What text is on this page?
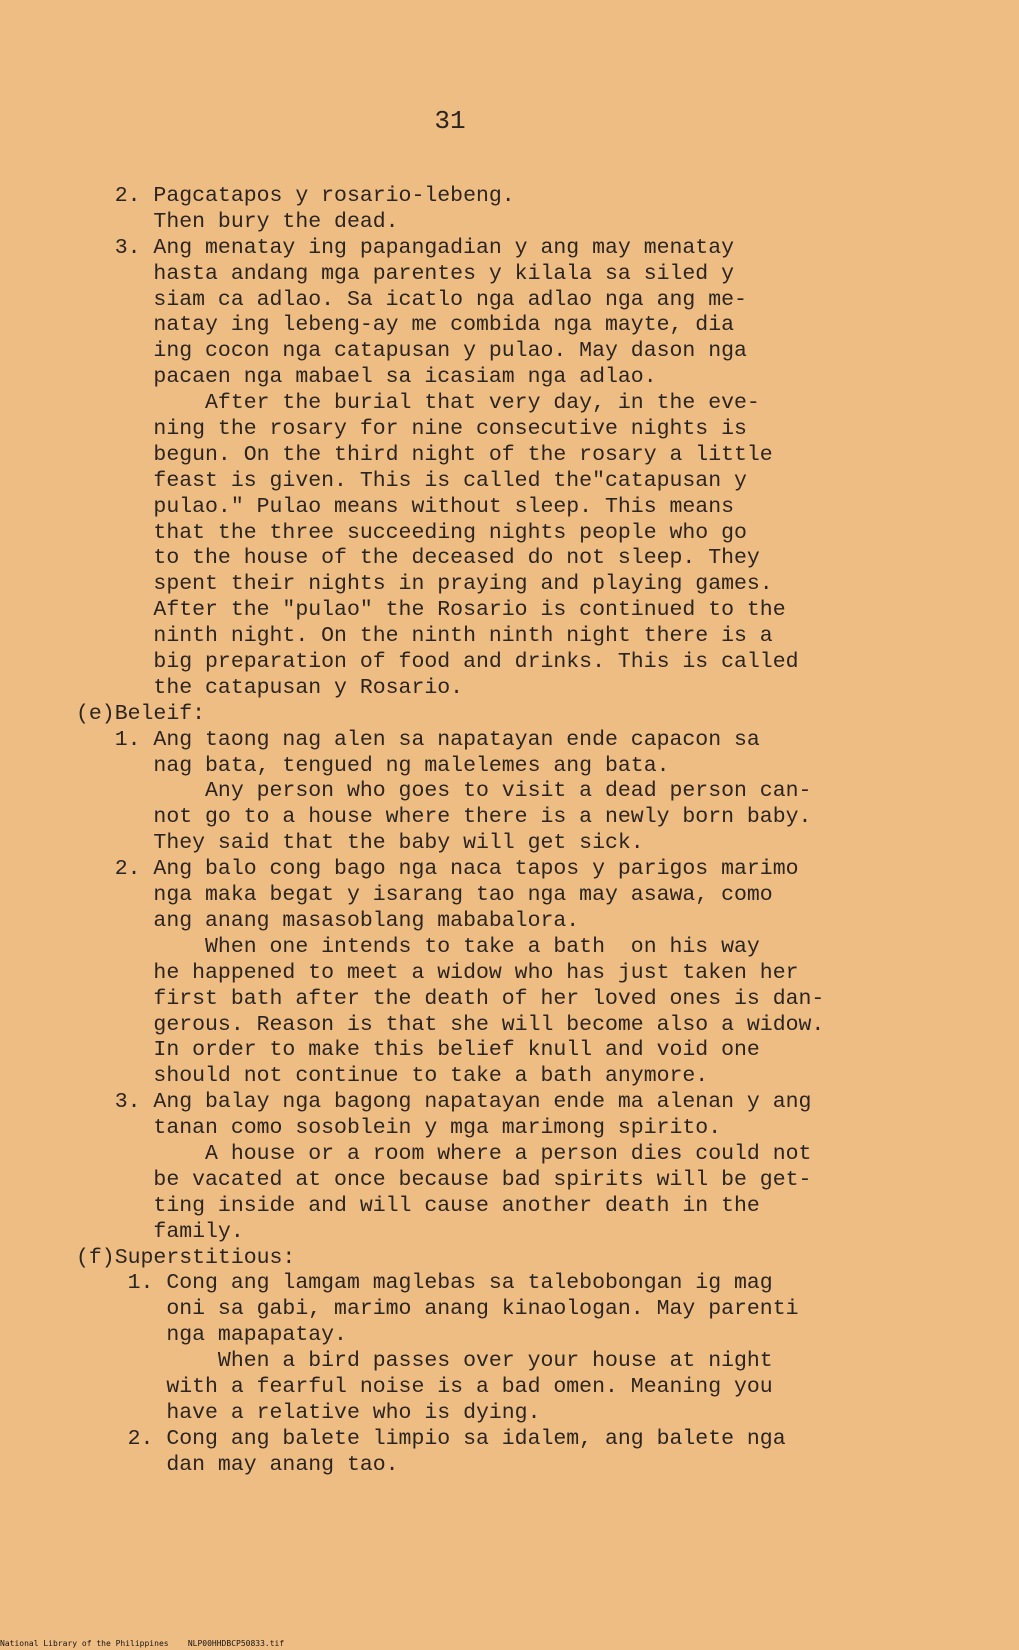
31
2. Pagcatapos y rosario-lebeng.
Then bury the dead.
3. Ang menatay ing papangadian y ang may menatay
hasta andang mga parentes y kilala sa siled y
siam ca adlao. Sa icatlo nga adlao nga ang me-
natay ing lebeng-ay me combida nga mayte, dia
ing cocon nga catapusan y pulao. May dason nga
pacaen nga mabael sa icasiam nga adlao.
After the burial that very day, in the eve-
ning the rosary for nine consecutive nights is
begun. On the third night of the rosary a little
feast is given. This is called the"catapusan y
pulao." Pulao means without sleep. This means
that the three succeeding nights people who go
to the house of the deceased do not sleep. They
spent their nights in praying and playing games.
After the "pulao" the Rosario is continued to the
ninth night. On the ninth ninth night there is a
big preparation of food and drinks. This is called
the catapusan y Rosario.
(e)Beleif:
1. Ang taong nag alen sa napatayan ende capacon sa
nag bata, tengued ng malelemes ang bata.
Any person who goes to visit a dead person can-
not go to a house where there is a newly born baby.
They said that the baby will get sick.
2. Ang balo cong bago nga naca tapos y parigos marimo
nga maka begat y isarang tao nga may asawa, como
ang anang masasoblang mababalora.
When one intends to take a bath  on his way
he happened to meet a widow who has just taken her
first bath after the death of her loved ones is dan-
gerous. Reason is that she will become also a widow.
In order to make this belief knull and void one
should not continue to take a bath anymore.
3. Ang balay nga bagong napatayan ende ma alenan y ang
tanan como sosoblein y mga marimong spirito.
A house or a room where a person dies could not
be vacated at once because bad spirits will be get-
ting inside and will cause another death in the
family.
(f)Superstitious:
1. Cong ang lamgam maglebas sa talebobongan ig mag
oni sa gabi, marimo anang kinaologan. May parenti
nga mapapatay.
When a bird passes over your house at night
with a fearful noise is a bad omen. Meaning you
have a relative who is dying.
2. Cong ang balete limpio sa idalem, ang balete nga
dan may anang tao.
National Library of the Philippines NLP00HHDBCP50833.tif
